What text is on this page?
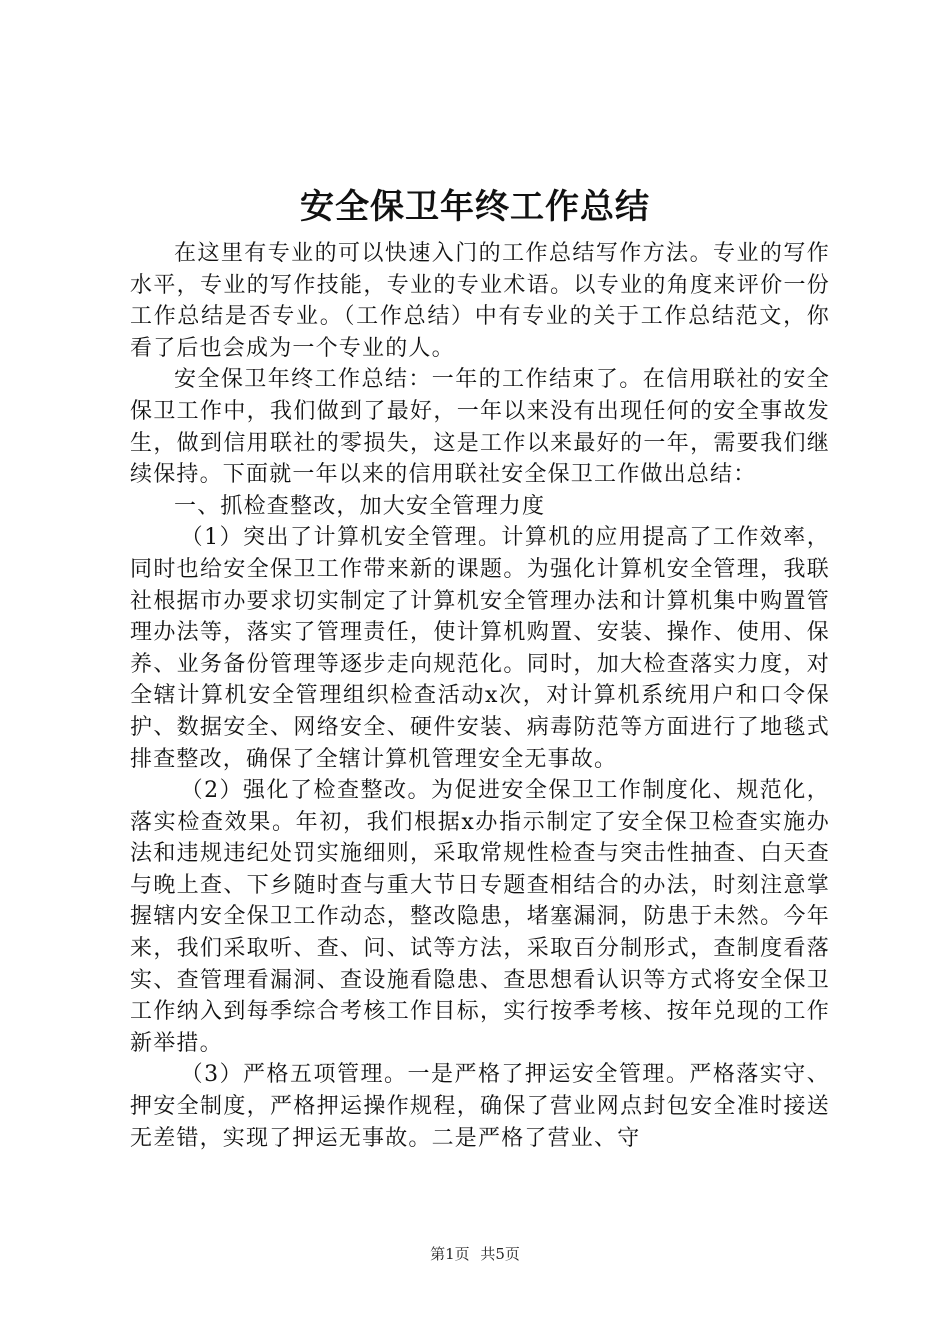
安全保卫年终工作总结

在这里有专业的可以快速入门的工作总结写作方法。专业的写作水平，专业的写作技能，专业的专业术语。以专业的角度来评价一份工作总结是否专业。（工作总结）中有专业的关于工作总结范文，你看了后也会成为一个专业的人。

安全保卫年终工作总结：一年的工作结束了。在信用联社的安全保卫工作中，我们做到了最好，一年以来没有出现任何的安全事故发生，做到信用联社的零损失，这是工作以来最好的一年，需要我们继续保持。下面就一年以来的信用联社安全保卫工作做出总结：

一、抓检查整改，加大安全管理力度

（1）突出了计算机安全管理。计算机的应用提高了工作效率，同时也给安全保卫工作带来新的课题。为强化计算机安全管理，我联社根据市办要求切实制定了计算机安全管理办法和计算机集中购置管理办法等，落实了管理责任，使计算机购置、安装、操作、使用、保养、业务备份管理等逐步走向规范化。同时，加大检查落实力度，对全辖计算机安全管理组织检查活动x次，对计算机系统用户和口令保护、数据安全、网络安全、硬件安装、病毒防范等方面进行了地毯式排查整改，确保了全辖计算机管理安全无事故。

（2）强化了检查整改。为促进安全保卫工作制度化、规范化，落实检查效果。年初，我们根据x办指示制定了安全保卫检查实施办法和违规违纪处罚实施细则，采取常规性检查与突击性抽查、白天查与晚上查、下乡随时查与重大节日专题查相结合的办法，时刻注意掌握辖内安全保卫工作动态，整改隐患，堵塞漏洞，防患于未然。今年来，我们采取听、查、问、试等方法，采取百分制形式，查制度看落实、查管理看漏洞、查设施看隐患、查思想看认识等方式将安全保卫工作纳入到每季综合考核工作目标，实行按季考核、按年兑现的工作新举措。

（3）严格五项管理。一是严格了押运安全管理。严格落实守、押安全制度，严格押运操作规程，确保了营业网点封包安全准时接送无差错，实现了押运无事故。二是严格了营业、守

第1页 共5页
